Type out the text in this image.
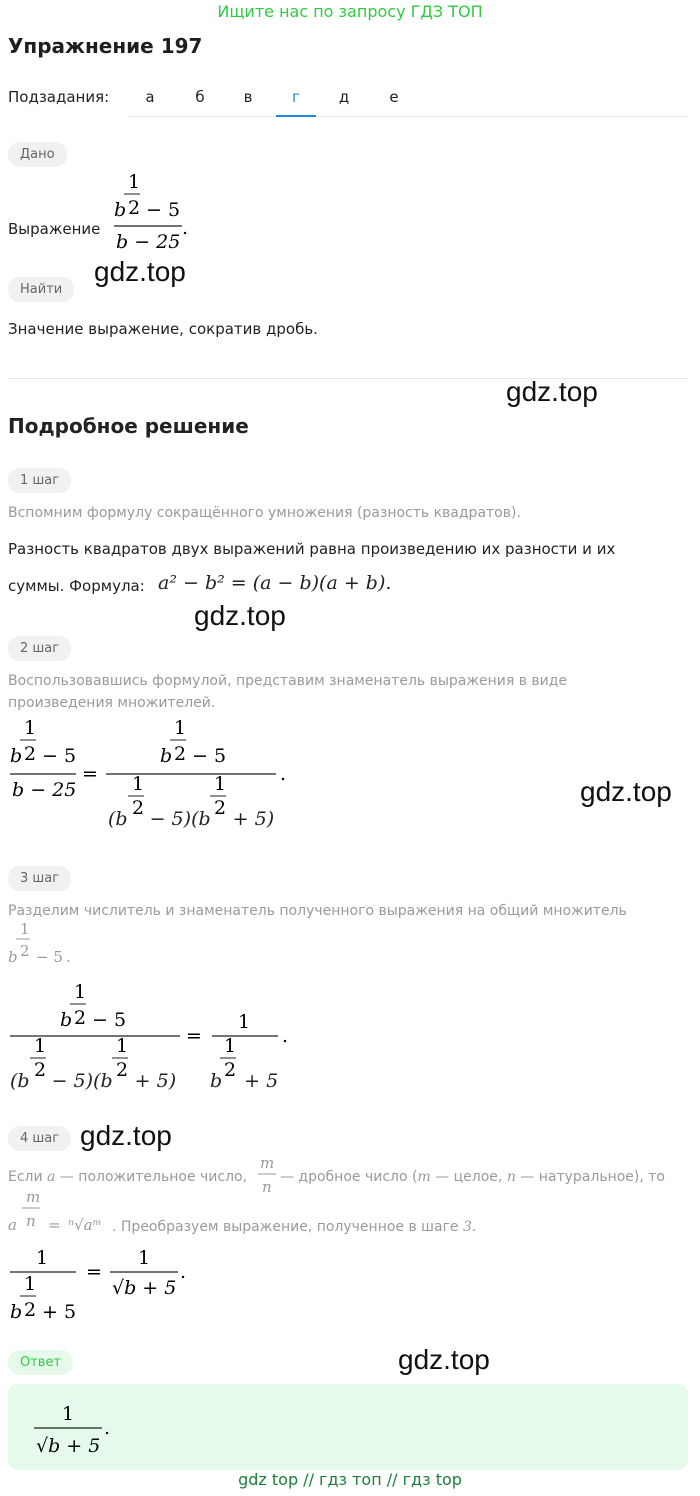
Ищите нас по запросу ГДЗ ТОП
Упражнение 197
Подзадания:	а	б	в	г	д	е
Дано
Выражение
1
2
b − 5
b − 25
.
Найти
gdz.top
Значение выражение, сократив дробь.
gdz.top
Подробное решение
1 шаг
Вспомним формулу сокращённого умножения (разность квадратов).
Разность квадратов двух выражений равна произведению их разности и их
суммы. Формула: a² − b² = (a − b)(a + b).
gdz.top
2 шаг
Воспользовавшись формулой, представим знаменатель выражения в виде произведения множителей.
1
2
b − 5
b − 25
=
1
2
b − 5
.
1
2
1
2
(b − 5)(b + 5)
gdz.top
3 шаг
Разделим числитель и знаменатель полученного выражения на общий множитель
1
2
b − 5 .
1
2
b − 5
1
2
1
2
=
1
.
1
2
(b − 5)(b + 5) b + 5
4 шаг gdz.top
Если a — положительное число, — дробное число (m — целое, n — натуральное), то
m
n
m
n
a = ⁿ√aᵐ . Преобразуем выражение, полученное в шаге 3.
1
1
2
b + 5
=
1
√b + 5
.
Ответ	gdz.top
1
√b + 5
.
gdz top // гдз топ // гдз top
